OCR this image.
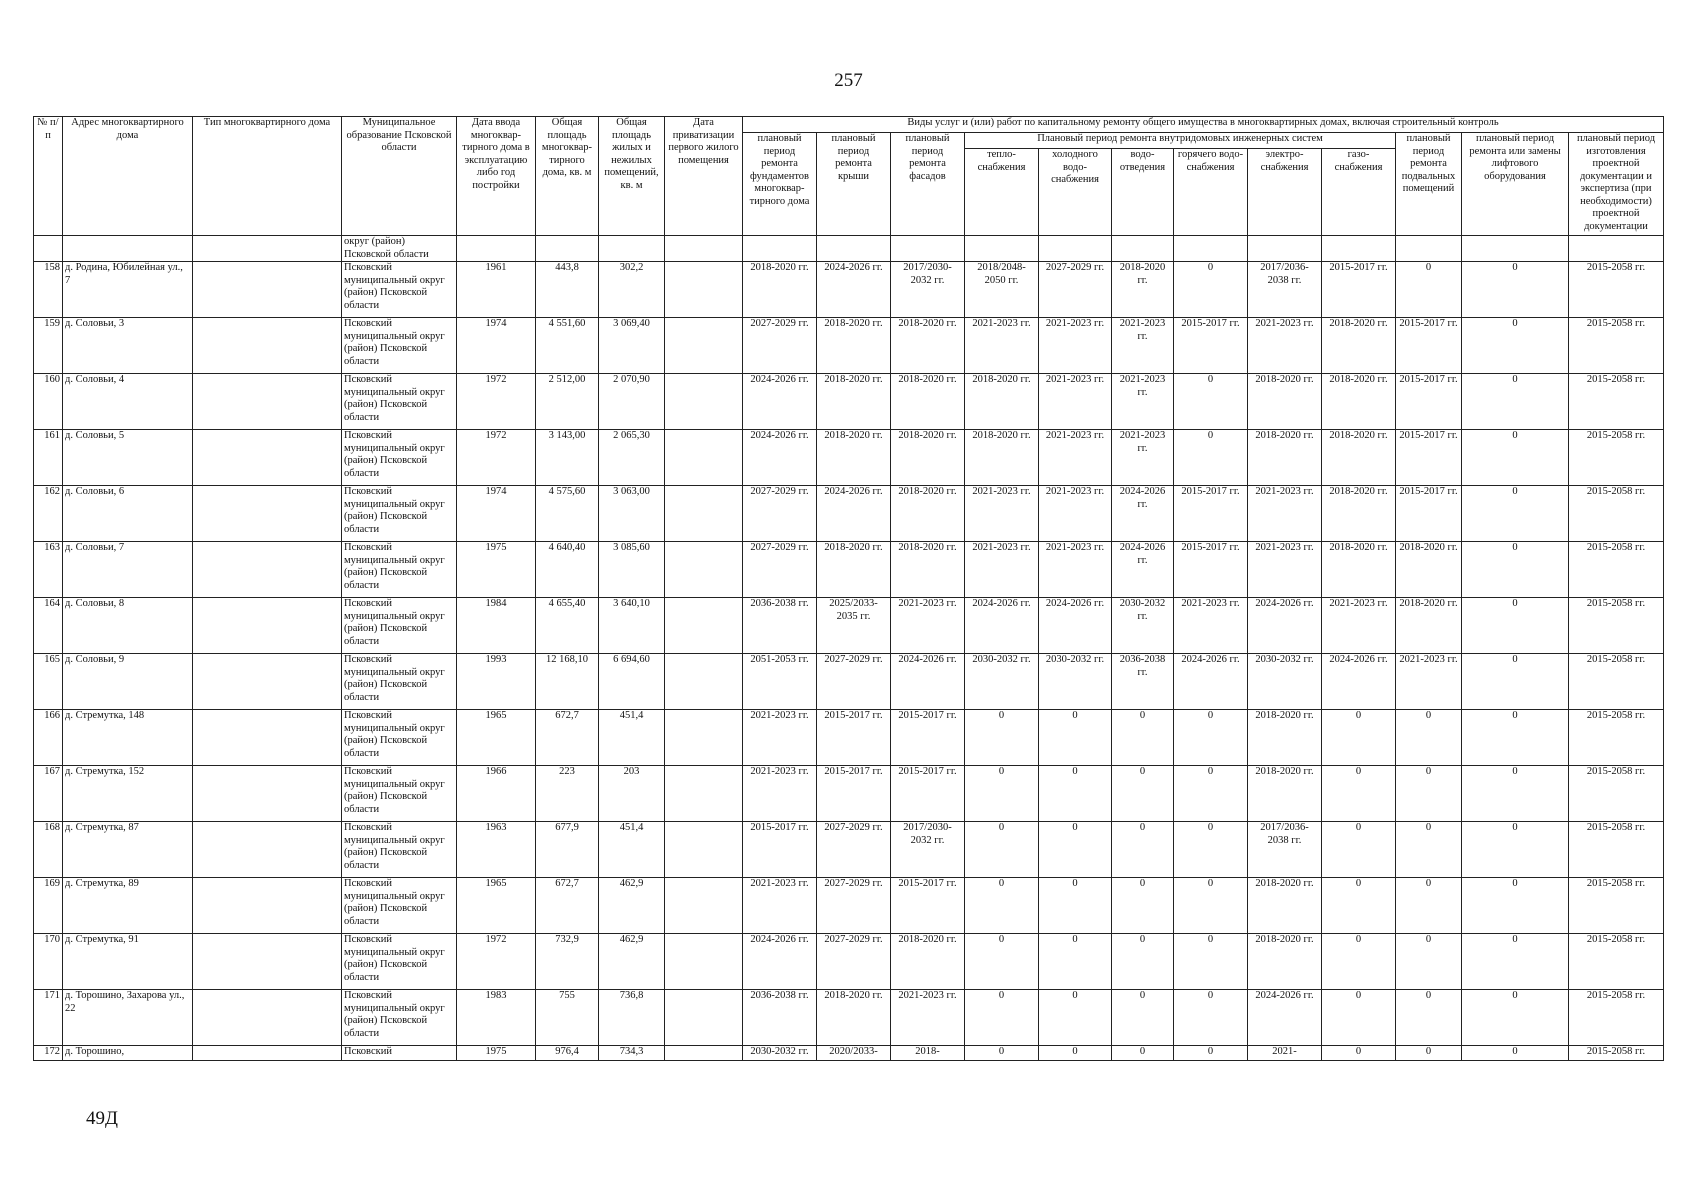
257
№ п/п	Адрес многоквартирного дома	Тип многоквартирного дома	Муниципальное образование Псковской области	Дата ввода многоквар-тирного дома в эксплуатацию либо год постройки	Общая площадь многоквар-тирного дома, кв. м	Общая площадь жилых и нежилых помещений, кв. м	Дата приватизации первого жилого помещения	Виды услуг и (или) работ по капитальному ремонту общего имущества в многоквартирных домах, включая строительный контроль											
								плановый период ремонта фундаментов многоквар-тирного дома	плановый период ремонта крыши	плановый период ремонта фасадов	Плановый период ремонта внутридомовых инженерных систем						плановый период ремонта подвальных помещений	плановый период ремонта или замены лифтового оборудования	плановый период изготовления проектной документации и экспертиза (при необходимости) проектной документации
											тепло-снабжения	холодного водо-снабжения	водо-отведения	горячего водо-снабжения	электро-снабжения	газо-снабжения			
			округ (район) Псковской области																
158	д. Родина, Юбилейная ул., 7		Псковский муниципальный округ (район) Псковской области	1961	443,8	302,2		2018-2020 гг.	2024-2026 гг.	2017/2030-2032 гг.	2018/2048-2050 гг.	2027-2029 гг.	2018-2020 гг.	0	2017/2036-2038 гг.	2015-2017 гг.	0	0	2015-2058 гг.
159	д. Соловьи, 3		Псковский муниципальный округ (район) Псковской области	1974	4 551,60	3 069,40		2027-2029 гг.	2018-2020 гг.	2018-2020 гг.	2021-2023 гг.	2021-2023 гг.	2021-2023 гг.	2015-2017 гг.	2021-2023 гг.	2018-2020 гг.	2015-2017 гг.	0	2015-2058 гг.
160	д. Соловьи, 4		Псковский муниципальный округ (район) Псковской области	1972	2 512,00	2 070,90		2024-2026 гг.	2018-2020 гг.	2018-2020 гг.	2018-2020 гг.	2021-2023 гг.	2021-2023 гг.	0	2018-2020 гг.	2018-2020 гг.	2015-2017 гг.	0	2015-2058 гг.
161	д. Соловьи, 5		Псковский муниципальный округ (район) Псковской области	1972	3 143,00	2 065,30		2024-2026 гг.	2018-2020 гг.	2018-2020 гг.	2018-2020 гг.	2021-2023 гг.	2021-2023 гг.	0	2018-2020 гг.	2018-2020 гг.	2015-2017 гг.	0	2015-2058 гг.
162	д. Соловьи, 6		Псковский муниципальный округ (район) Псковской области	1974	4 575,60	3 063,00		2027-2029 гг.	2024-2026 гг.	2018-2020 гг.	2021-2023 гг.	2021-2023 гг.	2024-2026 гг.	2015-2017 гг.	2021-2023 гг.	2018-2020 гг.	2015-2017 гг.	0	2015-2058 гг.
163	д. Соловьи, 7		Псковский муниципальный округ (район) Псковской области	1975	4 640,40	3 085,60		2027-2029 гг.	2018-2020 гг.	2018-2020 гг.	2021-2023 гг.	2021-2023 гг.	2024-2026 гг.	2015-2017 гг.	2021-2023 гг.	2018-2020 гг.	2018-2020 гг.	0	2015-2058 гг.
164	д. Соловьи, 8		Псковский муниципальный округ (район) Псковской области	1984	4 655,40	3 640,10		2036-2038 гг.	2025/2033-2035 гг.	2021-2023 гг.	2024-2026 гг.	2024-2026 гг.	2030-2032 гг.	2021-2023 гг.	2024-2026 гг.	2021-2023 гг.	2018-2020 гг.	0	2015-2058 гг.
165	д. Соловьи, 9		Псковский муниципальный округ (район) Псковской области	1993	12 168,10	6 694,60		2051-2053 гг.	2027-2029 гг.	2024-2026 гг.	2030-2032 гг.	2030-2032 гг.	2036-2038 гг.	2024-2026 гг.	2030-2032 гг.	2024-2026 гг.	2021-2023 гг.	0	2015-2058 гг.
166	д. Стремутка, 148		Псковский муниципальный округ (район) Псковской области	1965	672,7	451,4		2021-2023 гг.	2015-2017 гг.	2015-2017 гг.	0	0	0	0	2018-2020 гг.	0	0	0	2015-2058 гг.
167	д. Стремутка, 152		Псковский муниципальный округ (район) Псковской области	1966	223	203		2021-2023 гг.	2015-2017 гг.	2015-2017 гг.	0	0	0	0	2018-2020 гг.	0	0	0	2015-2058 гг.
168	д. Стремутка, 87		Псковский муниципальный округ (район) Псковской области	1963	677,9	451,4		2015-2017 гг.	2027-2029 гг.	2017/2030-2032 гг.	0	0	0	0	2017/2036-2038 гг.	0	0	0	2015-2058 гг.
169	д. Стремутка, 89		Псковский муниципальный округ (район) Псковской области	1965	672,7	462,9		2021-2023 гг.	2027-2029 гг.	2015-2017 гг.	0	0	0	0	2018-2020 гг.	0	0	0	2015-2058 гг.
170	д. Стремутка, 91		Псковский муниципальный округ (район) Псковской области	1972	732,9	462,9		2024-2026 гг.	2027-2029 гг.	2018-2020 гг.	0	0	0	0	2018-2020 гг.	0	0	0	2015-2058 гг.
171	д. Торошино, Захарова ул., 22		Псковский муниципальный округ (район) Псковской области	1983	755	736,8		2036-2038 гг.	2018-2020 гг.	2021-2023 гг.	0	0	0	0	2024-2026 гг.	0	0	0	2015-2058 гг.
172	д. Торошино,		Псковский	1975	976,4	734,3		2030-2032 гг.	2020/2033-	2018-	0	0	0	0	2021-	0	0	0	2015-2058 гг.
49Д
